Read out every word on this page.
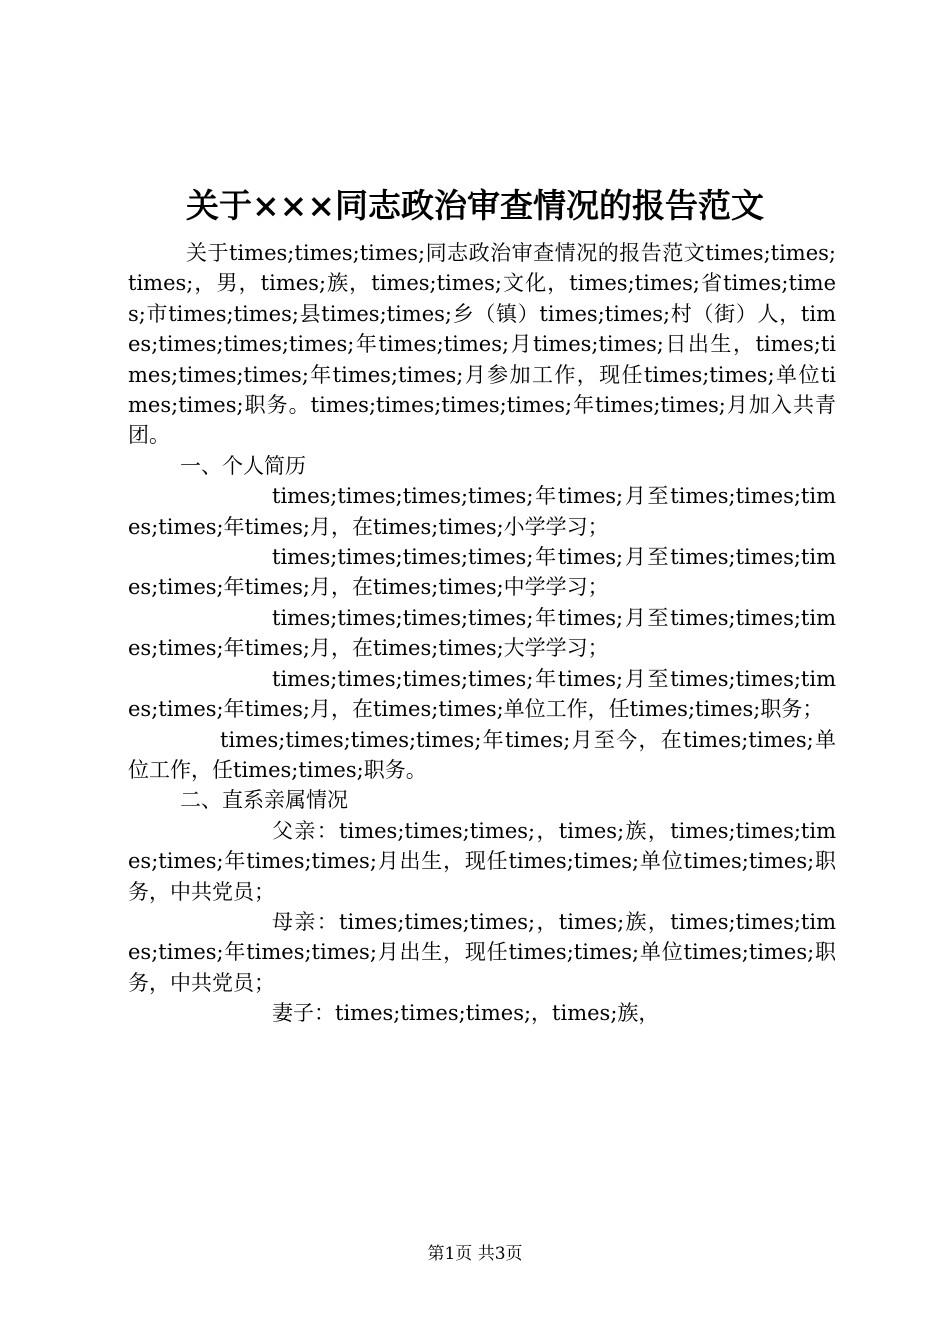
关于×××同志政治审查情况的报告范文

关于times;times;times;同志政治审查情况的报告范文times;times;times;，男，times;族，times;times;文化，times;times;省times;times;市times;times;县times;times;乡（镇）times;times;村（街）人，times;times;times;times;年times;times;月times;times;日出生，times;times;times;times;年times;times;月参加工作，现任times;times;单位times;times;职务。times;times;times;times;年times;times;月加入共青团。

一、个人简历

times;times;times;times;年times;月至times;times;times;times;年times;月，在times;times;小学学习；

times;times;times;times;年times;月至times;times;times;times;年times;月，在times;times;中学学习；

times;times;times;times;年times;月至times;times;times;times;年times;月，在times;times;大学学习；

times;times;times;times;年times;月至times;times;times;times;年times;月，在times;times;单位工作，任times;times;职务；

times;times;times;times;年times;月至今，在times;times;单位工作，任times;times;职务。

二、直系亲属情况

父亲：times;times;times;，times;族，times;times;times;times;年times;times;月出生，现任times;times;单位times;times;职务，中共党员；

母亲：times;times;times;，times;族，times;times;times;times;年times;times;月出生，现任times;times;单位times;times;职务，中共党员；

妻子：times;times;times;，times;族，

第1页 共3页
